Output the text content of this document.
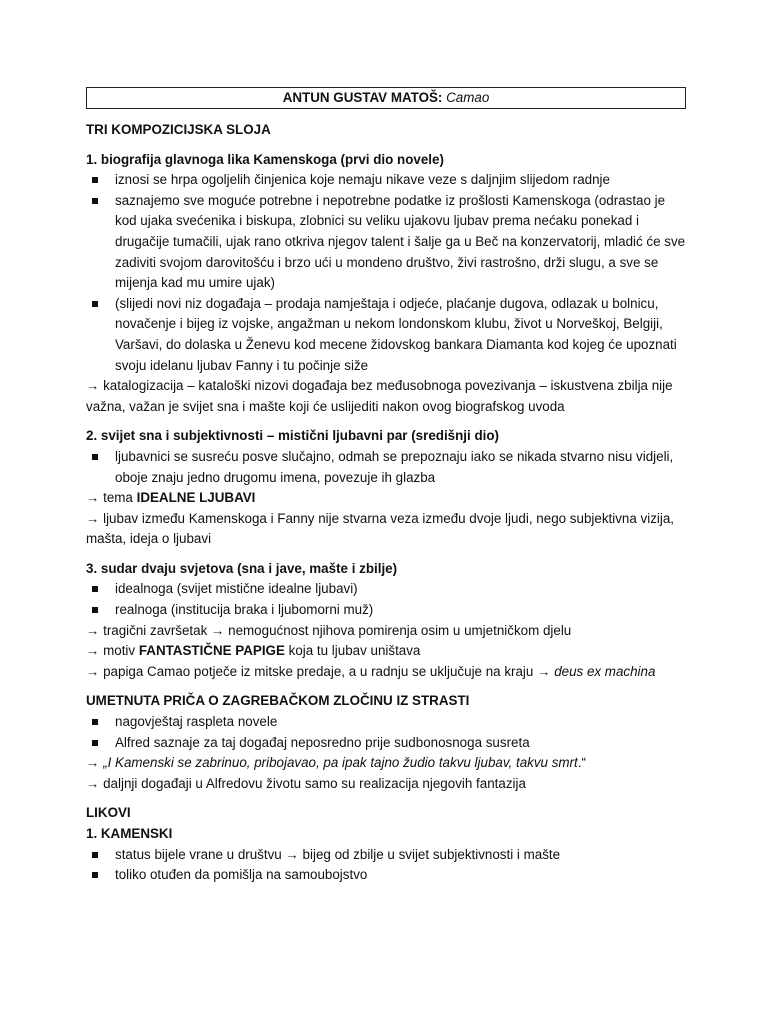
ANTUN GUSTAV MATOŠ: Camao
TRI KOMPOZICIJSKA SLOJA
1. biografija glavnoga lika Kamenskoga (prvi dio novele)
iznosi se hrpa ogoljelih činjenica koje nemaju nikave veze s daljnjim slijedom radnje
saznajemo sve moguće potrebne i nepotrebne podatke iz prošlosti Kamenskoga (odrastao je kod ujaka svećenika i biskupa, zlobnici su veliku ujakovu ljubav prema nećaku ponekad i drugačije tumačili, ujak rano otkriva njegov talent i šalje ga u Beč na konzervatorij, mladić će sve zadiviti svojom darovitošću i brzo ući u mondeno društvo, živi rastrošno, drži slugu, a sve se mijenja kad mu umire ujak)
(slijedi novi niz događaja – prodaja namještaja i odjeće, plaćanje dugova, odlazak u bolnicu, novačenje i bijeg iz vojske, angažman u nekom londonskom klubu, život u Norveškoj, Belgiji, Varšavi, do dolaska u Ženevu kod mecene židovskog bankara Diamanta kod kojeg će upoznati svoju idelanu ljubav Fanny i tu počinje siže
→ katalogizacija – kataloški nizovi događaja bez međusobnoga povezivanja – iskustvena zbilja nije važna, važan je svijet sna i mašte koji će uslijediti nakon ovog biografskog uvoda
2. svijet sna i subjektivnosti – mistični ljubavni par (središnji dio)
ljubavnici se susreću posve slučajno, odmah se prepoznaju iako se nikada stvarno nisu vidjeli, oboje znaju jedno drugomu imena, povezuje ih glazba
→ tema IDEALNE LJUBAVI
→ ljubav između Kamenskoga i Fanny nije stvarna veza između dvoje ljudi, nego subjektivna vizija, mašta, ideja o ljubavi
3. sudar dvaju svjetova (sna i jave, mašte i zbilje)
idealnoga (svijet mistične idealne ljubavi)
realnoga (institucija braka i ljubomorni muž)
→ tragični završetak → nemogućnost njihova pomirenja osim u umjetničkom djelu
→ motiv FANTASTIČNE PAPIGE koja tu ljubav uništava
→ papiga Camao potječe iz mitske predaje, a u radnju se uključuje na kraju → deus ex machina
UMETNUTA PRIČA O ZAGREBAČKOM ZLOČINU IZ STRASTI
nagovještaj raspleta novele
Alfred saznaje za taj događaj neposredno prije sudbonosnoga susreta
→ „I Kamenski se zabrinuo, pribojavao, pa ipak tajno žudio takvu ljubav, takvu smrt.“
→ daljnji događaji u Alfredovu životu samo su realizacija njegovih fantazija
LIKOVI
1. KAMENSKI
status bijele vrane u društvu → bijeg od zbilje u svijet subjektivnosti i mašte
toliko otuđen da pomišlja na samoubojstvo
